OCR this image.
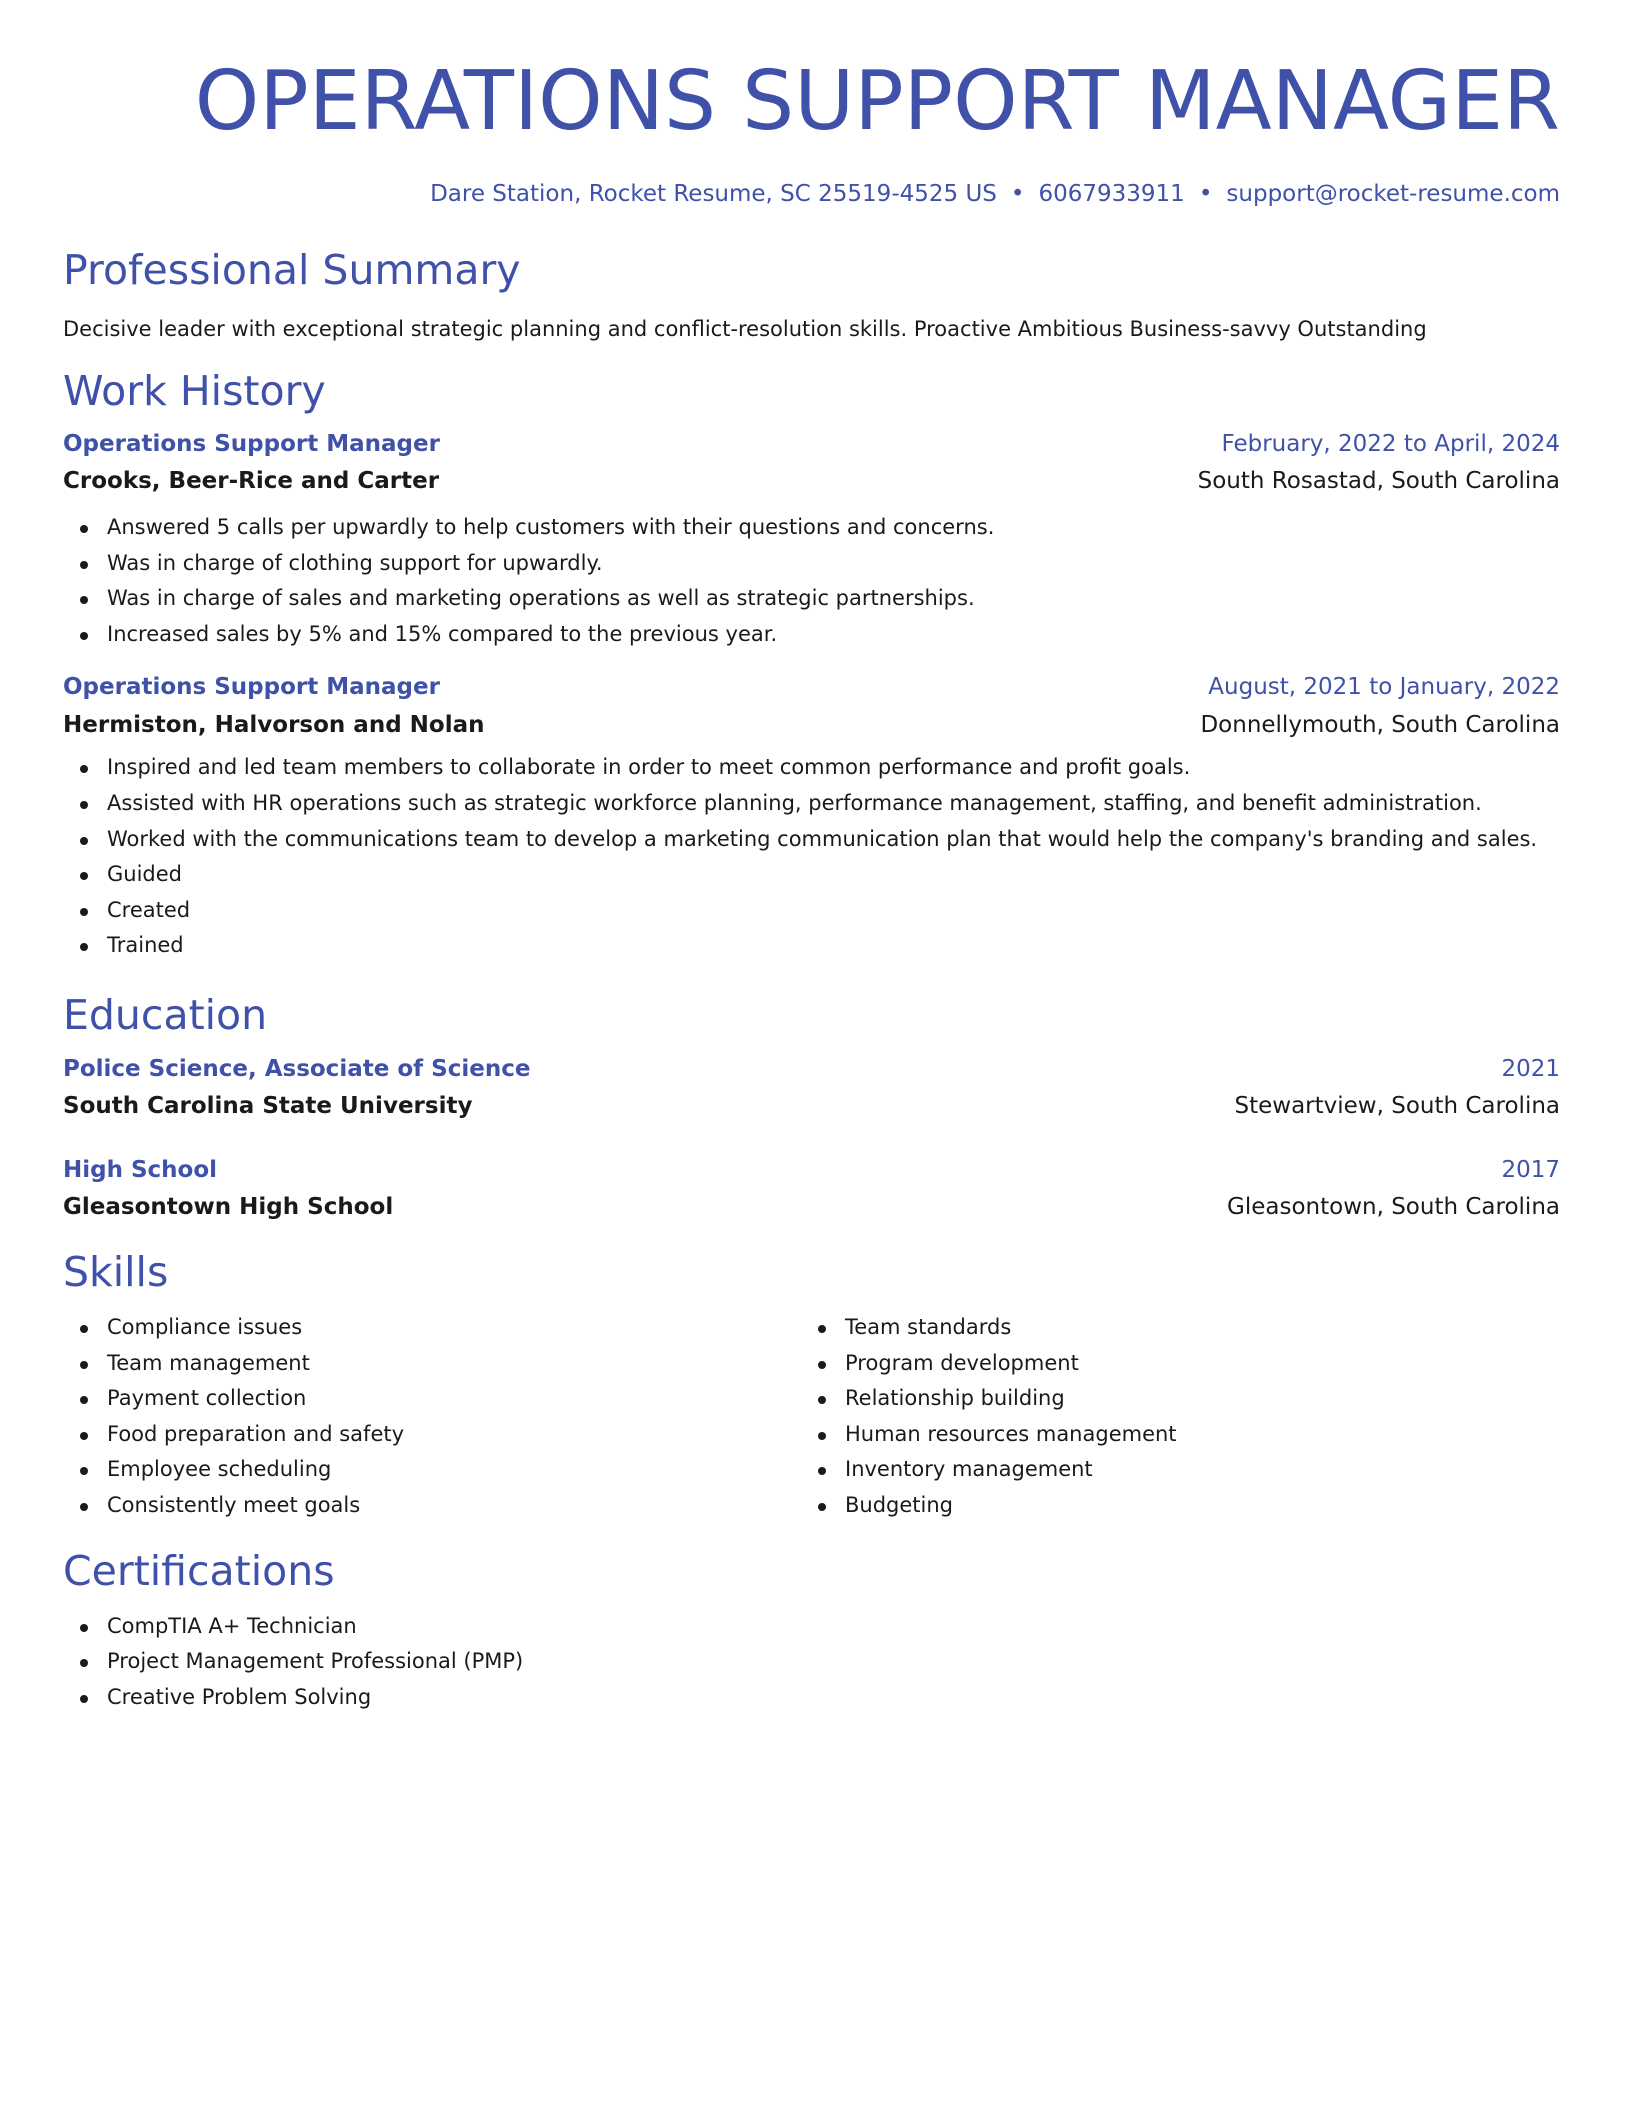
OPERATIONS SUPPORT MANAGER
Dare Station, Rocket Resume, SC 25519-4525 US • 6067933911 • support@rocket-resume.com
Professional Summary

Decisive leader with exceptional strategic planning and conflict-resolution skills. Proactive Ambitious Business-savvy Outstanding

Work History
Operations Support Manager	February, 2022 to April, 2024
Crooks, Beer-Rice and Carter	South Rosastad, South Carolina
Answered 5 calls per upwardly to help customers with their questions and concerns.
Was in charge of clothing support for upwardly.
Was in charge of sales and marketing operations as well as strategic partnerships.
Increased sales by 5% and 15% compared to the previous year.
Operations Support Manager	August, 2021 to January, 2022
Hermiston, Halvorson and Nolan	Donnellymouth, South Carolina
Inspired and led team members to collaborate in order to meet common performance and profit goals.
Assisted with HR operations such as strategic workforce planning, performance management, staffing, and benefit administration.
Worked with the communications team to develop a marketing communication plan that would help the company's branding and sales.
Guided
Created
Trained
Education
Police Science, Associate of Science	2021
South Carolina State University	Stewartview, South Carolina
High School	2017
Gleasontown High School	Gleasontown, South Carolina
Skills
Compliance issues
Team management
Payment collection
Food preparation and safety
Employee scheduling
Consistently meet goals
Team standards
Program development
Relationship building
Human resources management
Inventory management
Budgeting
Certifications
CompTIA A+ Technician
Project Management Professional (PMP)
Creative Problem Solving
